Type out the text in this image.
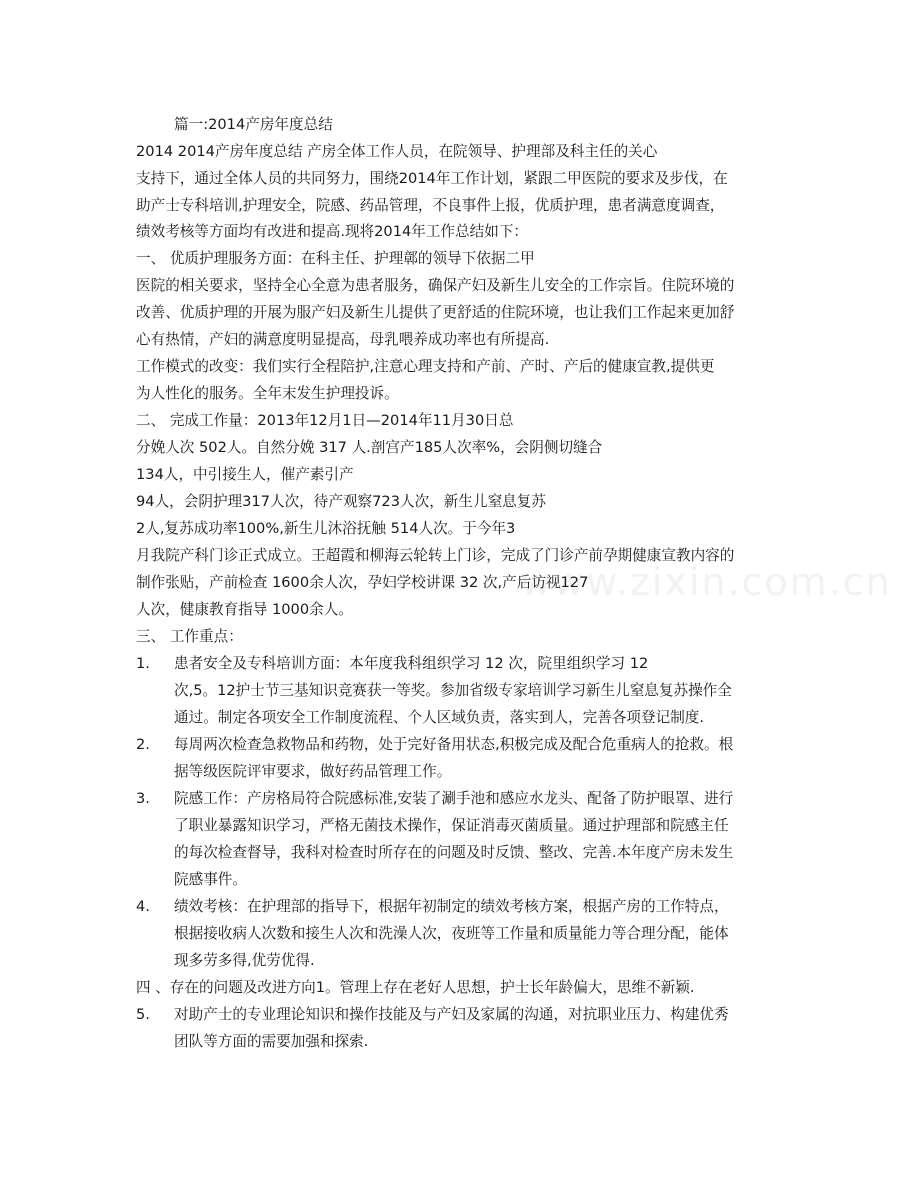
www.zixin.com.cn
篇一:2014产房年度总结
2014 2014产房年度总结 产房全体工作人员，在院领导、护理部及科主任的关心
支持下，通过全体人员的共同努力，围绕2014年工作计划，紧跟二甲医院的要求及步伐，在
助产士专科培训,护理安全，院感、药品管理，不良事件上报，优质护理，患者满意度调查，
绩效考核等方面均有改进和提高.现将2014年工作总结如下：
一、 优质护理服务方面：在科主任、护理鄣的领导下依据二甲
医院的相关要求，坚持全心全意为患者服务，确保产妇及新生儿安全的工作宗旨。住院环境的
改善、优质护理的开展为服产妇及新生儿提供了更舒适的住院环境，也让我们工作起来更加舒
心有热情，产妇的满意度明显提高，母乳喂养成功率也有所提高.
工作模式的改变：我们实行全程陪护,注意心理支持和产前、产时、产后的健康宣教,提供更
为人性化的服务。全年末发生护理投诉。
二、 完成工作量：2013年12月1日—2014年11月30日总
分娩人次 502人。自然分娩 317 人.剖宫产185人次率%，会阴侧切缝合
134人，中引接生人，催产素引产
94人，会阴护理317人次，待产观察723人次，新生儿窒息复苏
2人,复苏成功率100%,新生儿沐浴抚触 514人次。于今年3
月我院产科门诊正式成立。王超霞和柳海云轮转上门诊，完成了门诊产前孕期健康宣教内容的
制作张贴，产前检查 1600余人次，孕妇学校讲课 32 次,产后访视127
人次，健康教育指导 1000余人。
三、 工作重点：
1. 患者安全及专科培训方面：本年度我科组织学习 12 次，院里组织学习 12
次,5。12护士节三基知识竞赛获一等奖。参加省级专家培训学习新生儿窒息复苏操作全
通过。制定各项安全工作制度流程、个人区域负责，落实到人，完善各项登记制度.
2. 每周两次检查急救物品和药物，处于完好备用状态,积极完成及配合危重病人的抢救。根
据等级医院评审要求，做好药品管理工作。
3. 院感工作：产房格局符合院感标准,安装了涮手池和感应水龙头、配备了防护眼罩、进行
了职业暴露知识学习，严格无菌技术操作，保证消毒灭菌质量。通过护理部和院感主任
的每次检查督导，我科对检查时所存在的问题及时反馈、整改、完善.本年度产房未发生
院感事件。
4. 绩效考核：在护理部的指导下，根据年初制定的绩效考核方案，根据产房的工作特点，
根据接收病人次数和接生人次和洗澡人次，夜班等工作量和质量能力等合理分配，能体
现多劳多得,优劳优得.
四 、存在的问题及改进方向1。管理上存在老好人思想，护士长年龄偏大，思维不新颖.
5. 对助产士的专业理论知识和操作技能及与产妇及家属的沟通，对抗职业压力、构建优秀
团队等方面的需要加强和探索.
